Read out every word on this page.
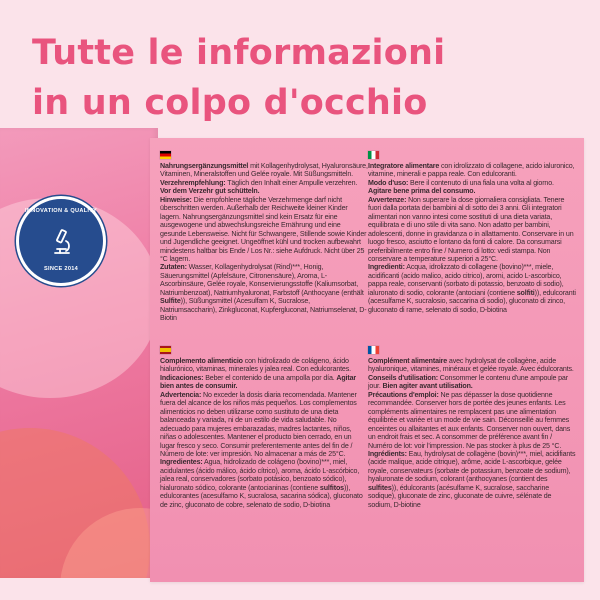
Tutte le informazioni
in un colpo d'occhio
INNOVATION & QUALITY
SINCE 2014

Nahrungsergänzungsmittel mit Kollagenhydrolysat, Hyaluronsäure, Vitaminen, Mineralstoffen und Gelée royale. Mit Süßungsmitteln.
Verzehrempfehlung: Täglich den Inhalt einer Ampulle verzehren. Vor dem Verzehr gut schütteln.
Hinweise: Die empfohlene tägliche Verzehrmenge darf nicht überschritten werden. Außerhalb der Reichweite kleiner Kinder lagern. Nahrungsergänzungsmittel sind kein Ersatz für eine ausgewogene und abwechslungsreiche Ernährung und eine gesunde Lebensweise. Nicht für Schwangere, Stillende sowie Kinder und Jugendliche geeignet. Ungeöffnet kühl und trocken aufbewahrt mindestens haltbar bis Ende / Los Nr.: siehe Aufdruck. Nicht über 25 °C lagern.
Zutaten: Wasser, Kollagenhydrolysat (Rind)***, Honig, Säuerungsmittel (Apfelsäure, Citronensäure), Aroma, L-Ascorbinsäure, Gelée royale, Konservierungsstoffe (Kaliumsorbat, Natriumbenzoat), Natriumhyaluronat, Farbstoff (Anthocyane (enthält Sulfite)), Süßungsmittel (Acesulfam K, Sucralose, Natriumsaccharin), Zinkgluconat, Kupfergluconat, Natriumselenat, D-Biotin

Integratore alimentare con idrolizzato di collagene, acido ialuronico, vitamine, minerali e pappa reale. Con edulcoranti.
Modo d'uso: Bere il contenuto di una fiala una volta al giorno. Agitare bene prima del consumo.
Avvertenze: Non superare la dose giornaliera consigliata. Tenere fuori dalla portata dei bambini al di sotto dei 3 anni. Gli integratori alimentari non vanno intesi come sostituti di una dieta variata, equilibrata e di uno stile di vita sano. Non adatto per bambini, adolescenti, donne in gravidanza o in allattamento. Conservare in un luogo fresco, asciutto e lontano da fonti di calore. Da consumarsi preferibilmente entro fine / Numero di lotto: vedi stampa. Non conservare a temperature superiori a 25°C.
Ingredienti: Acqua, idrolizzato di collagene (bovino)***, miele, acidificanti (acido malico, acido citrico), aromi, acido L-ascorbico, pappa reale, conservanti (sorbato di potassio, benzoato di sodio), ialuronato di sodio, colorante (antociani (contiene solfiti)), edulcoranti (acesulfame K, sucralosio, saccarina di sodio), gluconato di zinco, gluconato di rame, selenato di sodio, D-biotina

Complemento alimenticio con hidrolizado de colágeno, ácido hialurónico, vitaminas, minerales y jalea real. Con edulcorantes.
Indicaciones: Beber el contenido de una ampolla por día. Agitar bien antes de consumir.
Advertencia: No exceder la dosis diaria recomendada. Mantener fuera del alcance de los niños más pequeños. Los complementos alimenticios no deben utilizarse como sustituto de una dieta balanceada y variada, ni de un estilo de vida saludable. No adecuado para mujeres embarazadas, madres lactantes, niños, niñas o adolescentes. Mantener el producto bien cerrado, en un lugar fresco y seco. Consumir preferentemente antes del fin de / Número de lote: ver impresión. No almacenar a más de 25°C.
Ingredientes: Agua, hidrolizado de colágeno (bovino)***, miel, acidulantes (ácido málico, ácido cítrico), aroma, ácido L-ascórbico, jalea real, conservadores (sorbato potásico, benzoato sódico), hialuronato sódico, colorante (antocianinas (contiene sulfitos)), edulcorantes (acesulfamo K, sucralosa, sacarina sódica), gluconato de zinc, gluconato de cobre, selenato de sodio, D-biotina

Complément alimentaire avec hydrolysat de collagène, acide hyaluronique, vitamines, minéraux et gelée royale. Avec édulcorants.
Conseils d'utilisation: Consommer le contenu d'une ampoule par jour. Bien agiter avant utilisation.
Précautions d'emploi: Ne pas dépasser la dose quotidienne recommandée. Conserver hors de portée des jeunes enfants. Les compléments alimentaires ne remplacent pas une alimentation équilibrée et variée et un mode de vie sain. Déconseillé au femmes enceintes ou allaitantes et aux enfants. Conserver non ouvert, dans un endroit frais et sec. A consommer de préférence avant fin / Numéro de lot: voir l'impression. Ne pas stocker à plus de 25 °C.
Ingrédients: Eau, hydrolysat de collagène (bovin)***, miel, acidifiants (acide malique, acide citrique), arôme, acide L-ascorbique, gelée royale, conservateurs (sorbate de potassium, benzoate de sodium), hyaluronate de sodium, colorant (anthocyanes (contient des sulfites)), édulcorants (acésulfame K, sucralose, saccharine sodique), gluconate de zinc, gluconate de cuivre, sélénate de sodium, D-biotine
